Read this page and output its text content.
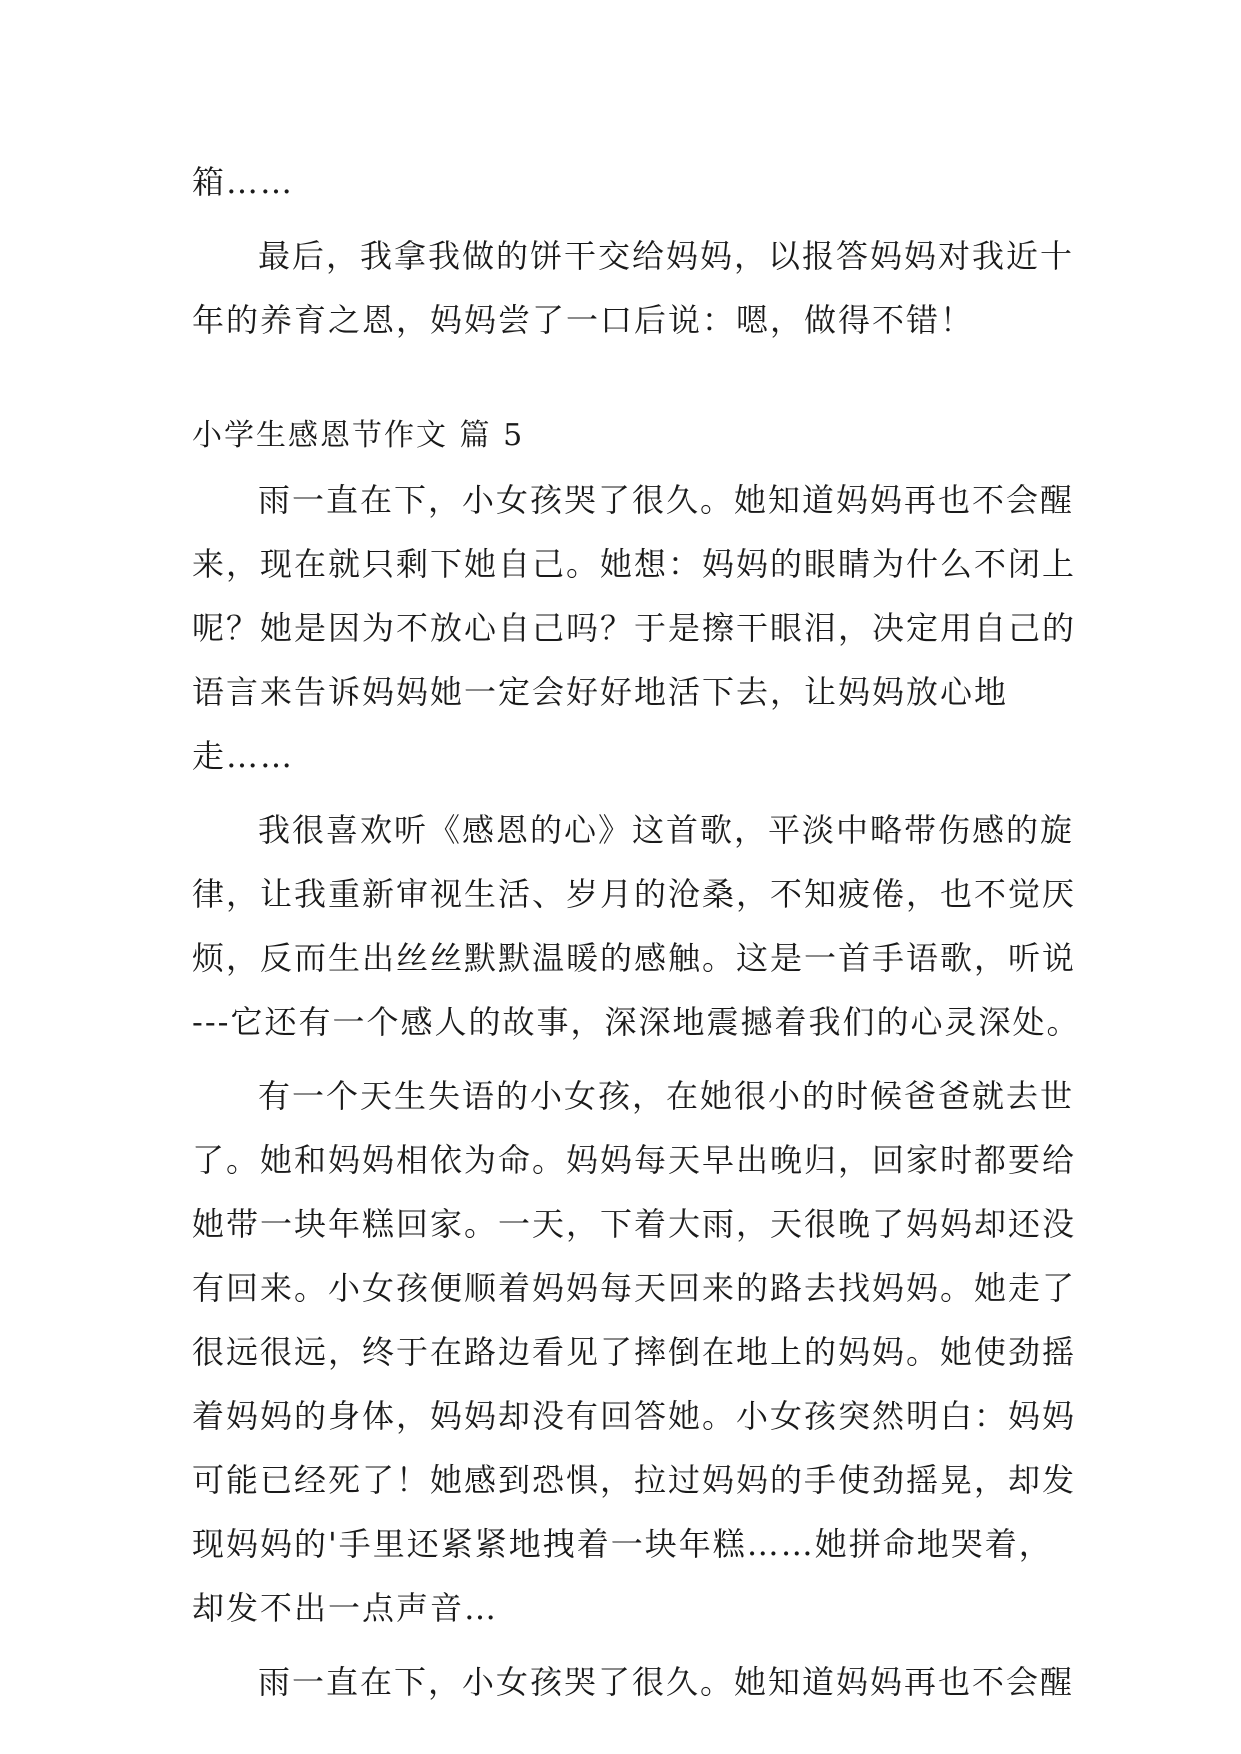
箱……
最后，我拿我做的饼干交给妈妈，以报答妈妈对我近十
年的养育之恩，妈妈尝了一口后说：嗯，做得不错！
小学生感恩节作文 篇 5
雨一直在下，小女孩哭了很久。她知道妈妈再也不会醒
来，现在就只剩下她自己。她想：妈妈的眼睛为什么不闭上
呢？她是因为不放心自己吗？于是擦干眼泪，决定用自己的
语言来告诉妈妈她一定会好好地活下去，让妈妈放心地
走……
我很喜欢听《感恩的心》这首歌，平淡中略带伤感的旋
律，让我重新审视生活、岁月的沧桑，不知疲倦，也不觉厌
烦，反而生出丝丝默默温暖的感触。这是一首手语歌，听说
---它还有一个感人的故事，深深地震撼着我们的心灵深处。
有一个天生失语的小女孩，在她很小的时候爸爸就去世
了。她和妈妈相依为命。妈妈每天早出晚归，回家时都要给
她带一块年糕回家。一天，下着大雨，天很晚了妈妈却还没
有回来。小女孩便顺着妈妈每天回来的路去找妈妈。她走了
很远很远，终于在路边看见了摔倒在地上的妈妈。她使劲摇
着妈妈的身体，妈妈却没有回答她。小女孩突然明白：妈妈
可能已经死了！她感到恐惧，拉过妈妈的手使劲摇晃，却发
现妈妈的'手里还紧紧地拽着一块年糕……她拼命地哭着，
却发不出一点声音…
雨一直在下，小女孩哭了很久。她知道妈妈再也不会醒
